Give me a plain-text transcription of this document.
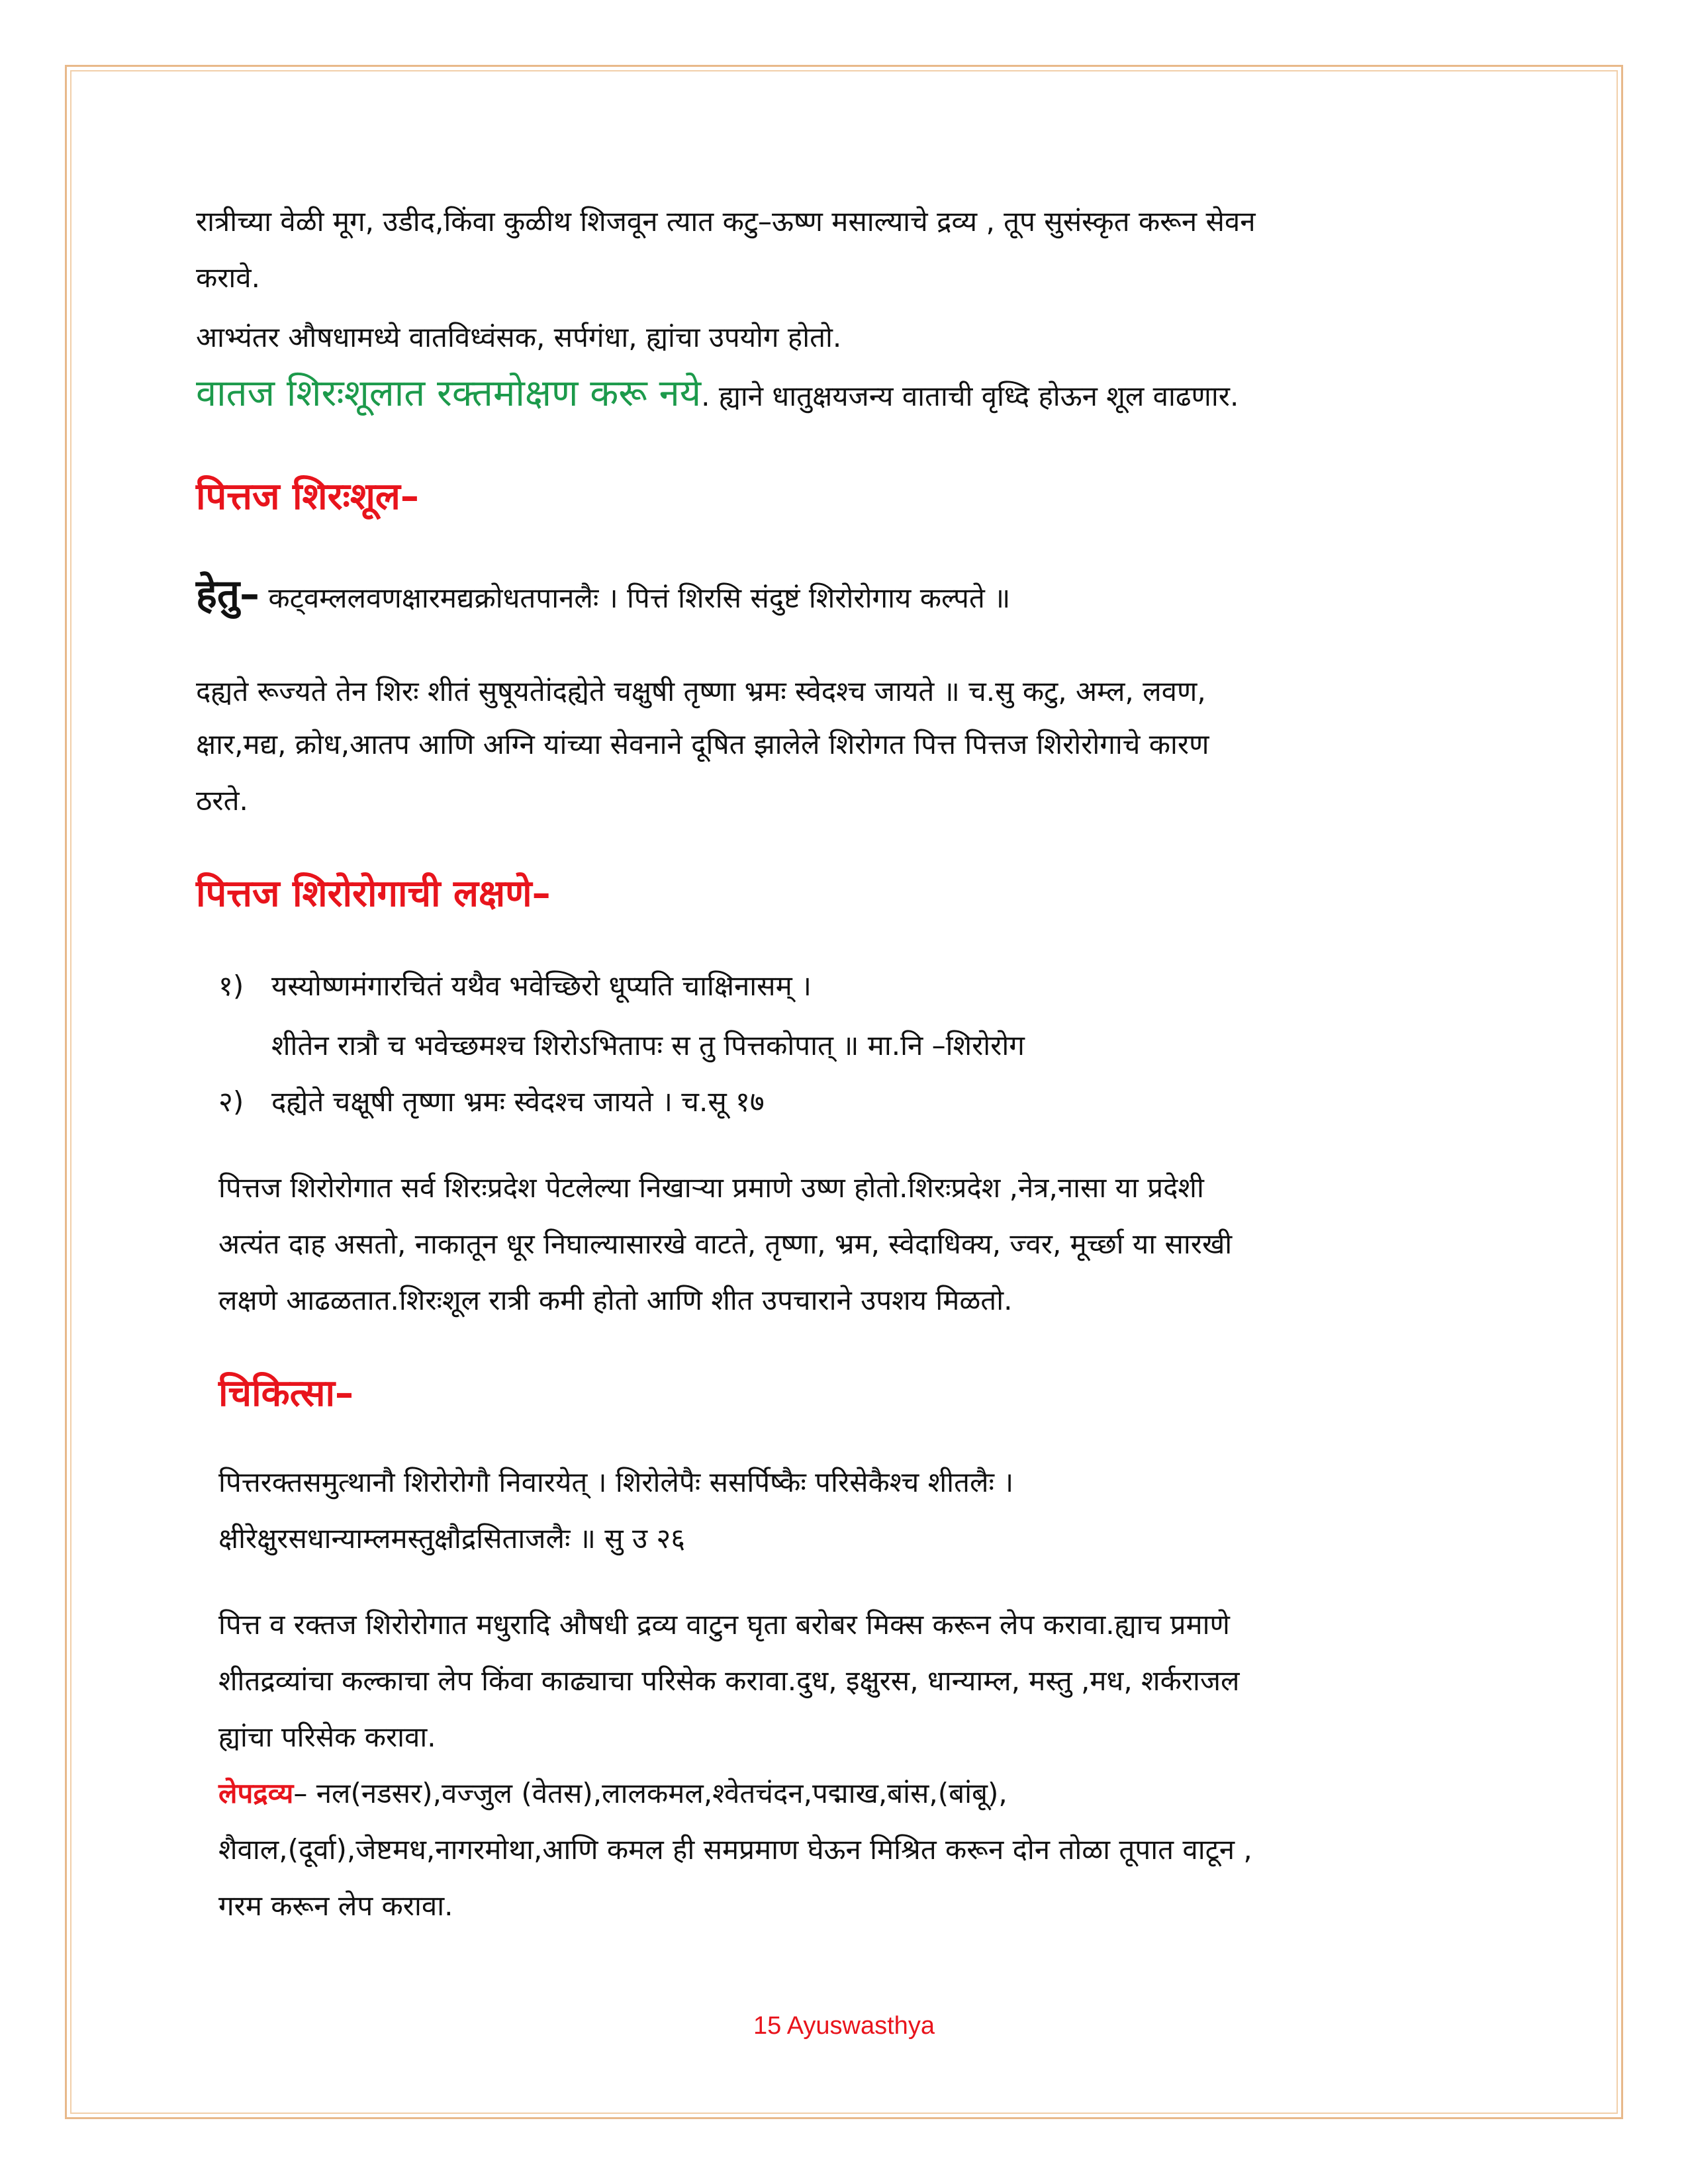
रात्रीच्या वेळी मूग, उडीद,किंवा कुळीथ शिजवून त्यात कटु–ऊष्ण मसाल्याचे द्रव्य , तूप सुसंस्कृत करून सेवन
करावे.
आभ्यंतर औषधामध्ये वातविध्वंसक, सर्पगंधा, ह्यांचा उपयोग होतो.
वातज शिरःशूलात रक्तमोक्षण करू नये. ह्याने धातुक्षयजन्य वाताची वृध्दि होऊन शूल वाढणार.
पित्तज शिरःशूल–
हेतु– कट्वम्ललवणक्षारमद्यक्रोधतपानलैः । पित्तं शिरसि संदुष्टं शिरोरोगाय कल्पते ॥
दह्यते रूज्यते तेन शिरः शीतं सुषूयतेांदह्येते चक्षुषी तृष्णा भ्रमः स्वेदश्च जायते ॥ च.सु कटु, अम्ल, लवण,
क्षार,मद्य, क्रोध,आतप आणि अग्नि यांच्या सेवनाने दूषित झालेले शिरोगत पित्त पित्तज शिरोरोगाचे कारण
ठरते.
पित्तज शिरोरोगाची लक्षणे–
१) यस्योष्णमंगारचितं यथैव भवेच्छिरो धूप्यति चाक्षिनासम् ।
शीतेन रात्रौ च भवेच्छमश्च शिरोऽभितापः स तु पित्तकोपात् ॥ मा.नि –शिरोरोग
२) दह्येते चक्षूषी तृष्णा भ्रमः स्वेदश्च जायते । च.सू १७
पित्तज शिरोरोगात सर्व शिरःप्रदेश पेटलेल्या निखाऱ्या प्रमाणे उष्ण होतो.शिरःप्रदेश ,नेत्र,नासा या प्रदेशी
अत्यंत दाह असतो, नाकातून धूर निघाल्यासारखे वाटते, तृष्णा, भ्रम, स्वेदाधिक्य, ज्वर, मूर्च्छा या सारखी
लक्षणे आढळतात.शिरःशूल रात्री कमी होतो आणि शीत उपचाराने उपशय मिळतो.
चिकित्सा–
पित्तरक्तसमुत्थानौ शिरोरोगौ निवारयेत् । शिरोलेपैः ससर्पिष्कैः परिसेकैश्च शीतलैः ।
क्षीरेक्षुरसधान्याम्लमस्तुक्षौद्रसिताजलैः ॥ सु उ २६
पित्त व रक्तज शिरोरोगात मधुरादि औषधी द्रव्य वाटुन घृता बरोबर मिक्स करून लेप करावा.ह्याच प्रमाणे
शीतद्रव्यांचा कल्काचा लेप किंवा काढ्याचा परिसेक करावा.दुध, इक्षुरस, धान्याम्ल, मस्तु ,मध, शर्कराजल
ह्यांचा परिसेक करावा.
लेपद्रव्य– नल(नडसर),वज्जुल (वेतस),लालकमल,श्वेतचंदन,पद्माख,बांस,(बांबू),
शैवाल,(दूर्वा),जेष्टमध,नागरमोथा,आणि कमल ही समप्रमाण घेऊन मिश्रित करून दोन तोळा तूपात वाटून ,
गरम करून लेप करावा.
15 Ayuswasthya
